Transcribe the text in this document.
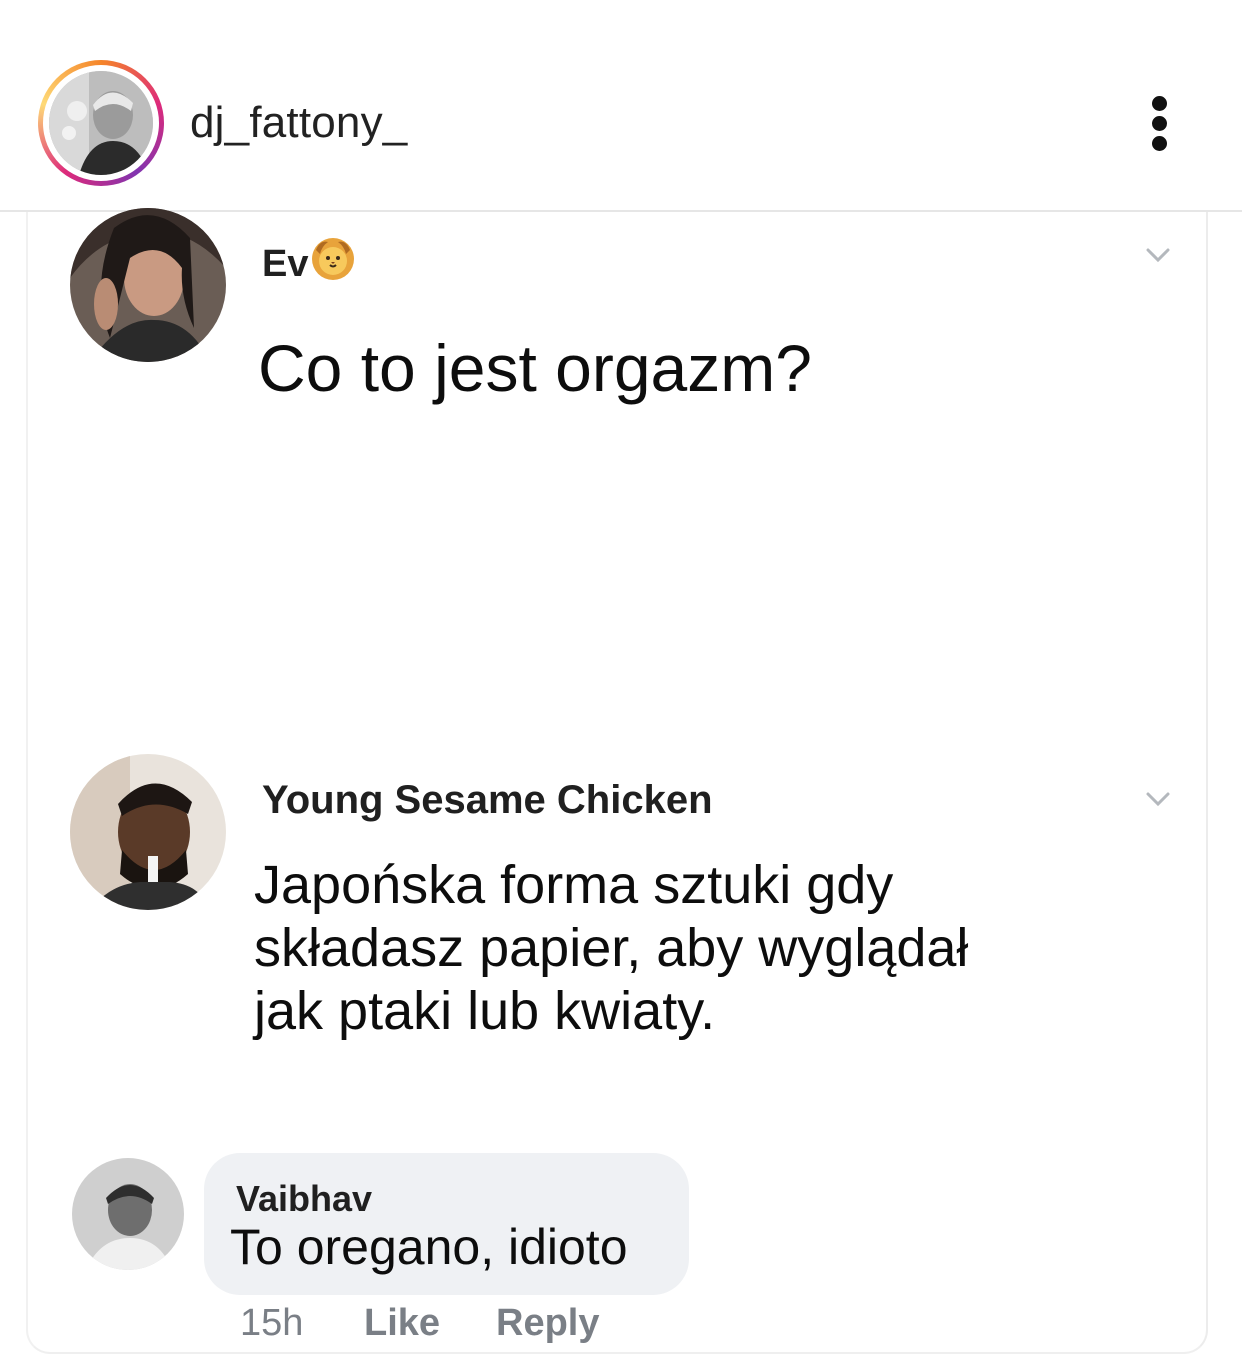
dj_fattony_
Ev
Co to jest orgazm?
Young Sesame Chicken
Japońska forma sztuki gdy
składasz papier, aby wyglądał
jak ptaki lub kwiaty.
Vaibhav
To oregano, idioto
15h Like Reply
